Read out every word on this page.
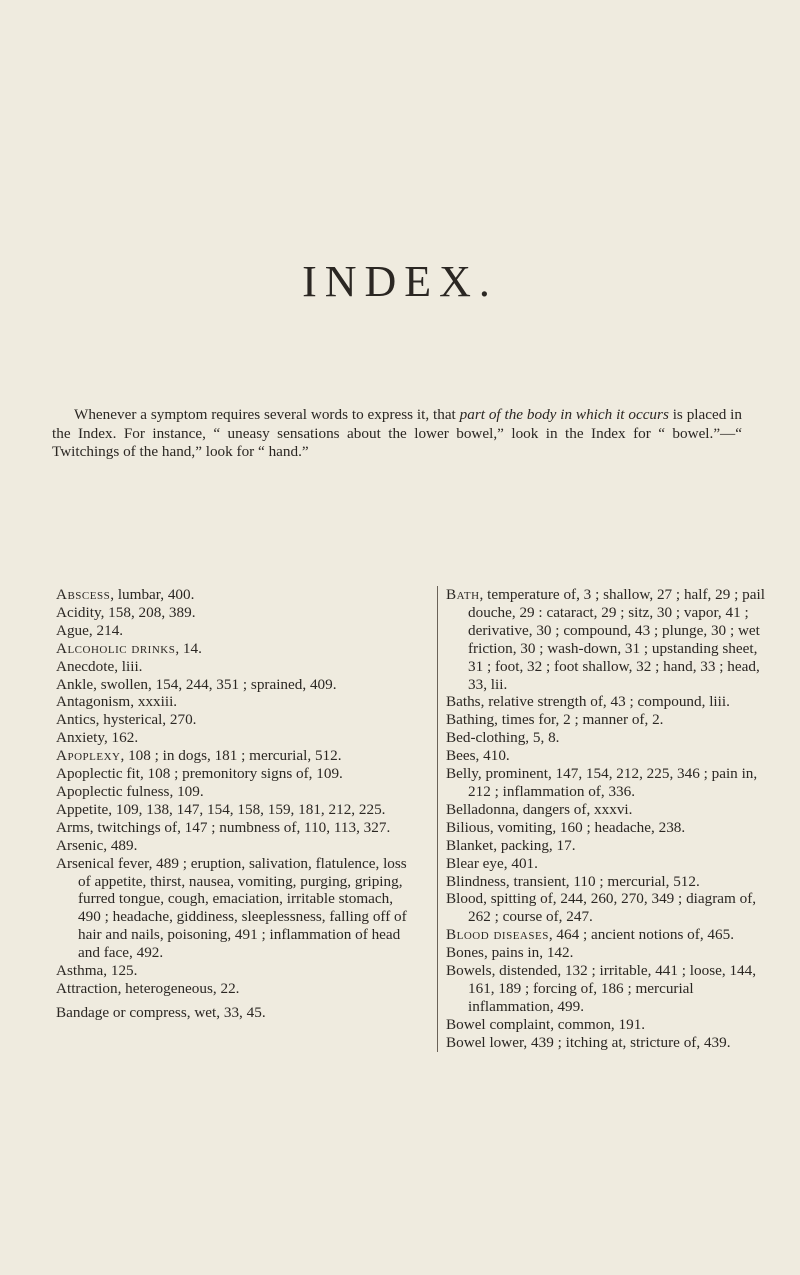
INDEX.

Whenever a symptom requires several words to express it, that part of the body in which it occurs is placed in the Index. For instance, “ uneasy sensations about the lower bowel,” look in the Index for “ bowel.”—“ Twitchings of the hand,” look for “ hand.”

Abscess, lumbar, 400.
Acidity, 158, 208, 389.
Ague, 214.
Alcoholic drinks, 14.
Anecdote, liii.
Ankle, swollen, 154, 244, 351 ; sprained, 409.
Antagonism, xxxiii.
Antics, hysterical, 270.
Anxiety, 162.
Apoplexy, 108 ; in dogs, 181 ; mercurial, 512.
Apoplectic fit, 108 ; premonitory signs of, 109.
Apoplectic fulness, 109.
Appetite, 109, 138, 147, 154, 158, 159, 181, 212, 225.
Arms, twitchings of, 147 ; numbness of, 110, 113, 327.
Arsenic, 489.
Arsenical fever, 489 ; eruption, salivation, flatulence, loss of appetite, thirst, nausea, vomiting, purging, griping, furred tongue, cough, emaciation, irritable stomach, 490 ; headache, giddiness, sleeplessness, falling off of hair and nails, poisoning, 491 ; inflammation of head and face, 492.
Asthma, 125.
Attraction, heterogeneous, 22.
Bandage or compress, wet, 33, 45.
Bath, temperature of, 3 ; shallow, 27 ; half, 29 ; pail douche, 29 : cataract, 29 ; sitz, 30 ; vapor, 41 ; derivative, 30 ; compound, 43 ; plunge, 30 ; wet friction, 30 ; wash-down, 31 ; upstanding sheet, 31 ; foot, 32 ; foot shallow, 32 ; hand, 33 ; head, 33, lii.
Baths, relative strength of, 43 ; compound, liii.
Bathing, times for, 2 ; manner of, 2.
Bed-clothing, 5, 8.
Bees, 410.
Belly, prominent, 147, 154, 212, 225, 346 ; pain in, 212 ; inflammation of, 336.
Belladonna, dangers of, xxxvi.
Bilious, vomiting, 160 ; headache, 238.
Blanket, packing, 17.
Blear eye, 401.
Blindness, transient, 110 ; mercurial, 512.
Blood, spitting of, 244, 260, 270, 349 ; diagram of, 262 ; course of, 247.
Blood diseases, 464 ; ancient notions of, 465.
Bones, pains in, 142.
Bowels, distended, 132 ; irritable, 441 ; loose, 144, 161, 189 ; forcing of, 186 ; mercurial inflammation, 499.
Bowel complaint, common, 191.
Bowel lower, 439 ; itching at, stricture of, 439.
